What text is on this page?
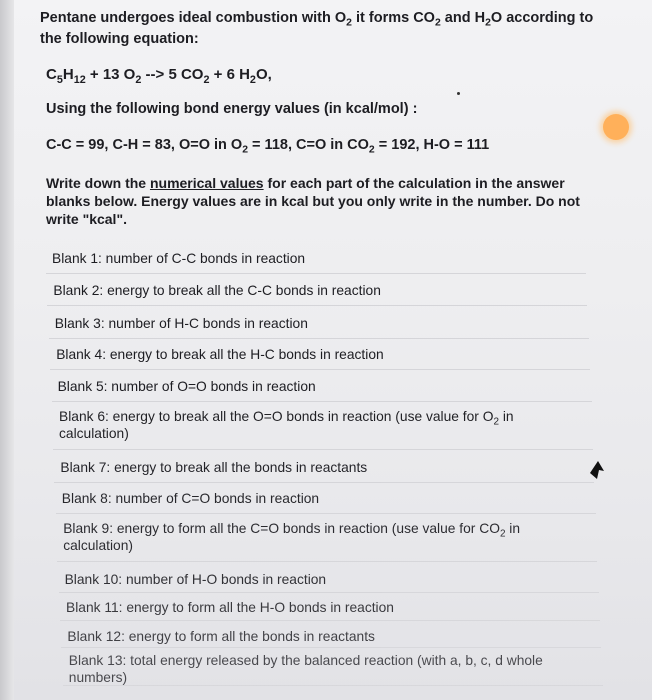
Pentane undergoes ideal combustion with $O_2$ it forms $CO_2$ and $H_2O$ according to
the following equation:
$C_5H_{12} + 13$ $O_2$ --> 5 $CO_2 + 6$ $H_2O$,
Using the following bond energy values (in kcal/mol) :
C-C = 99, C-H = 83, O=O in $O_2 = 118$, C=O in $CO_2 = 192$, H-O = 111
Write down the numerical values for each part of the calculation in the answer blanks below. Energy values are in kcal but you only write in the number. Do not write "kcal".
Blank 1: number of C-C bonds in reaction
Blank 2: energy to break all the C-C bonds in reaction
Blank 3: number of H-C bonds in reaction
Blank 4: energy to break all the H-C bonds in reaction
Blank 5: number of O=O bonds in reaction
Blank 6: energy to break all the O=O bonds in reaction (use value for $O_2$ in
calculation)
Blank 7: energy to break all the bonds in reactants
Blank 8: number of C=O bonds in reaction
Blank 9: energy to form all the C=O bonds in reaction (use value for $CO_2$ in
calculation)
Blank 10: number of H-O bonds in reaction
Blank 11: energy to form all the H-O bonds in reaction
Blank 12: energy to form all the bonds in reactants
Blank 13: total energy released by the balanced reaction (with a, b, c, d whole
numbers)
